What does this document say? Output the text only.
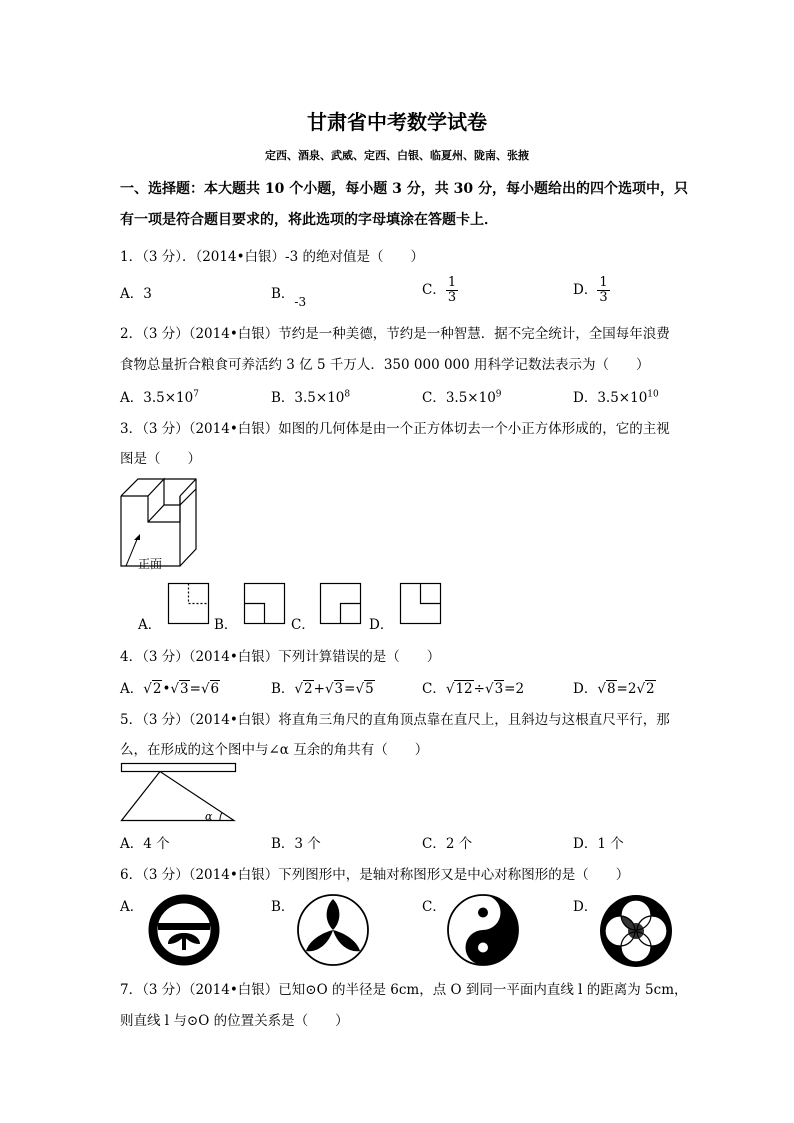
甘肃省中考数学试卷
定西、酒泉、武威、定西、白银、临夏州、陇南、张掖
一、选择题：本大题共 10 个小题，每小题 3 分，共 30 分，每小题给出的四个选项中，只
有一项是符合题目要求的，将此选项的字母填涂在答题卡上．
1．（3 分）．（2014•白银）-3 的绝对值是（　　）
A．3	B．-3
C． $\frac{1}{3}$	D． $\frac{1}{3}$
2．（3 分）（2014•白银）节约是一种美德，节约是一种智慧．据不完全统计，全国每年浪费
食物总量折合粮食可养活约 3 亿 5 千万人．350 000 000 用科学记数法表示为（　　）
A．$3.5\times 10^7$	B．$3.5\times 10^8$	C．$3.5\times 10^9$	D．$3.5\times 10^{10}$
3．（3 分）（2014•白银）如图的几何体是由一个正方体切去一个小正方体形成的，它的主视
图是（　　）
正面
A．	B．	C．	D．
4．（3 分）（2014•白银）下列计算错误的是（　　）
A．√2•√3=√6	B．√2+√3=√5	C．√12÷√3=2	D．√8=2√2
5．（3 分）（2014•白银）将直角三角尺的直角顶点靠在直尺上，且斜边与这根直尺平行，那
么，在形成的这个图中与∠α 互余的角共有（　　）
α
A．4 个	B．3 个	C．2 个	D．1 个
6．（3 分）（2014•白银）下列图形中，是轴对称图形又是中心对称图形的是（　　）
A．	B．	C．	D．
7．（3 分）（2014•白银）已知⊙O 的半径是 6cm，点 O 到同一平面内直线 l 的距离为 5cm，
则直线 l 与⊙O 的位置关系是（　　）
